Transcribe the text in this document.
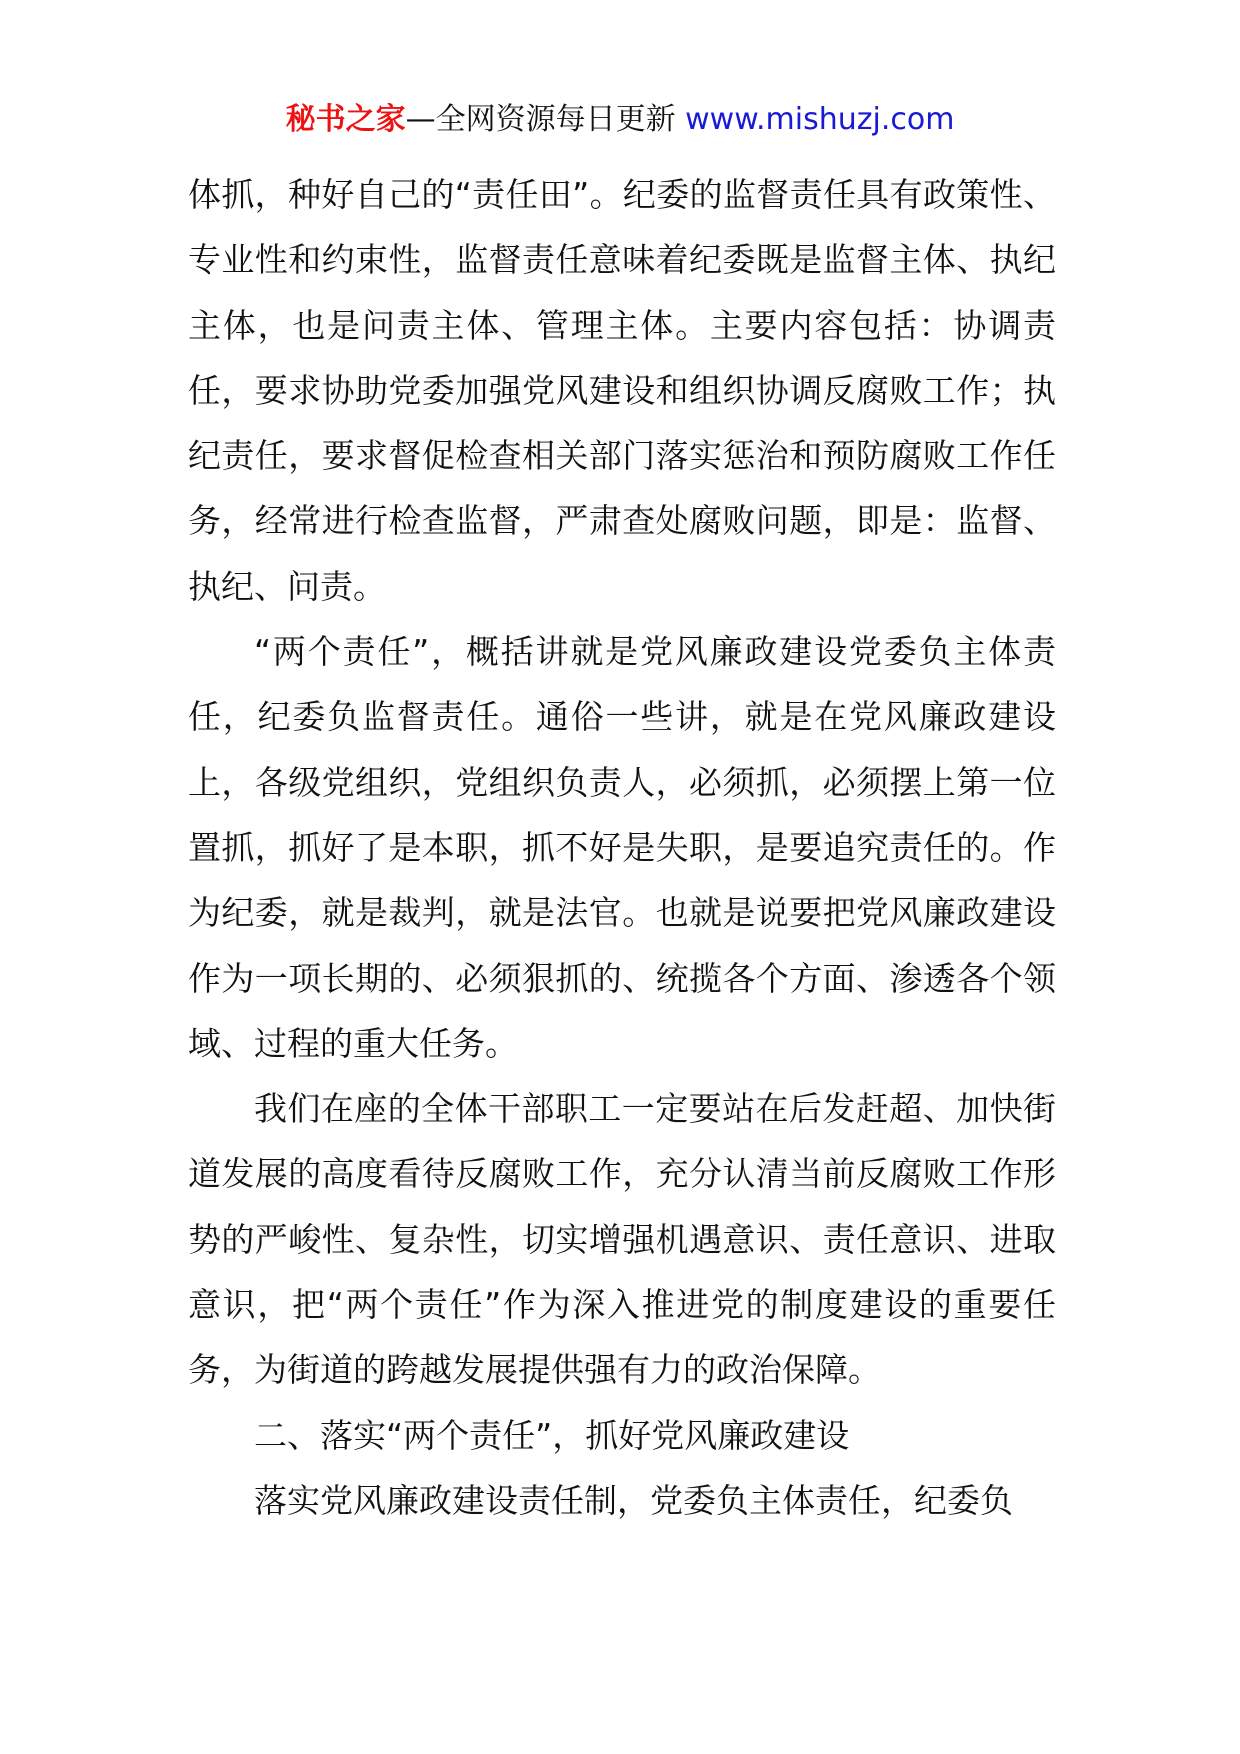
秘书之家—全网资源每日更新 www.mishuzj.com

体抓，种好自己的“责任田”。纪委的监督责任具有政策性、专业性和约束性，监督责任意味着纪委既是监督主体、执纪主体，也是问责主体、管理主体。主要内容包括：协调责任，要求协助党委加强党风建设和组织协调反腐败工作；执纪责任，要求督促检查相关部门落实惩治和预防腐败工作任务，经常进行检查监督，严肃查处腐败问题，即是：监督、执纪、问责。

“两个责任”，概括讲就是党风廉政建设党委负主体责任，纪委负监督责任。通俗一些讲，就是在党风廉政建设上，各级党组织，党组织负责人，必须抓，必须摆上第一位置抓，抓好了是本职，抓不好是失职，是要追究责任的。作为纪委，就是裁判，就是法官。也就是说要把党风廉政建设作为一项长期的、必须狠抓的、统揽各个方面、渗透各个领域、过程的重大任务。

我们在座的全体干部职工一定要站在后发赶超、加快街道发展的高度看待反腐败工作，充分认清当前反腐败工作形势的严峻性、复杂性，切实增强机遇意识、责任意识、进取意识，把“两个责任”作为深入推进党的制度建设的重要任务，为街道的跨越发展提供强有力的政治保障。

二、落实“两个责任”，抓好党风廉政建设

落实党风廉政建设责任制，党委负主体责任，纪委负
